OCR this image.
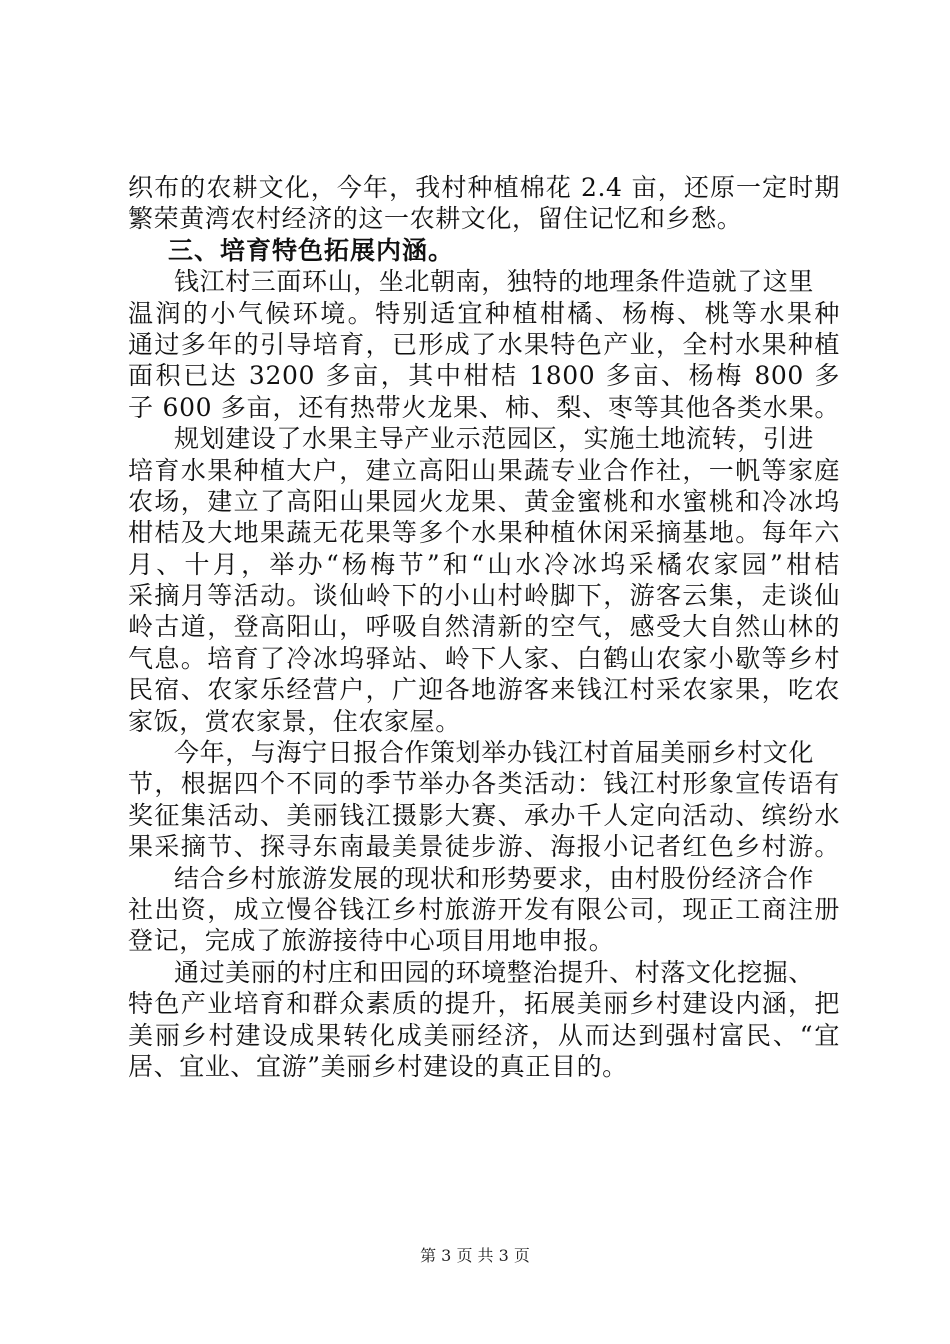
织布的农耕文化，今年，我村种植棉花 2.4 亩，还原一定时期
繁荣黄湾农村经济的这一农耕文化，留住记忆和乡愁。
三、培育特色拓展内涵。
钱江村三面环山，坐北朝南，独特的地理条件造就了这里
温润的小气候环境。特别适宜种植柑橘、杨梅、桃等水果种
通过多年的引导培育，已形成了水果特色产业，全村水果种植
面积已达 3200 多亩，其中柑桔 1800 多亩、杨梅 800 多
子 600 多亩，还有热带火龙果、柿、梨、枣等其他各类水果。
规划建设了水果主导产业示范园区，实施土地流转，引进
培育水果种植大户，建立高阳山果蔬专业合作社，一帆等家庭
农场，建立了高阳山果园火龙果、黄金蜜桃和水蜜桃和冷冰坞
柑桔及大地果蔬无花果等多个水果种植休闲采摘基地。每年六
月、十月，举办“杨梅节”和“山水冷冰坞采橘农家园”柑桔
采摘月等活动。谈仙岭下的小山村岭脚下，游客云集，走谈仙
岭古道，登高阳山，呼吸自然清新的空气，感受大自然山林的
气息。培育了冷冰坞驿站、岭下人家、白鹤山农家小歇等乡村
民宿、农家乐经营户，广迎各地游客来钱江村采农家果，吃农
家饭，赏农家景，住农家屋。
今年，与海宁日报合作策划举办钱江村首届美丽乡村文化
节，根据四个不同的季节举办各类活动：钱江村形象宣传语有
奖征集活动、美丽钱江摄影大赛、承办千人定向活动、缤纷水
果采摘节、探寻东南最美景徒步游、海报小记者红色乡村游。
结合乡村旅游发展的现状和形势要求，由村股份经济合作
社出资，成立慢谷钱江乡村旅游开发有限公司，现正工商注册
登记，完成了旅游接待中心项目用地申报。
通过美丽的村庄和田园的环境整治提升、村落文化挖掘、
特色产业培育和群众素质的提升，拓展美丽乡村建设内涵，把
美丽乡村建设成果转化成美丽经济，从而达到强村富民、“宜
居、宜业、宜游”美丽乡村建设的真正目的。
第 3 页 共 3 页
